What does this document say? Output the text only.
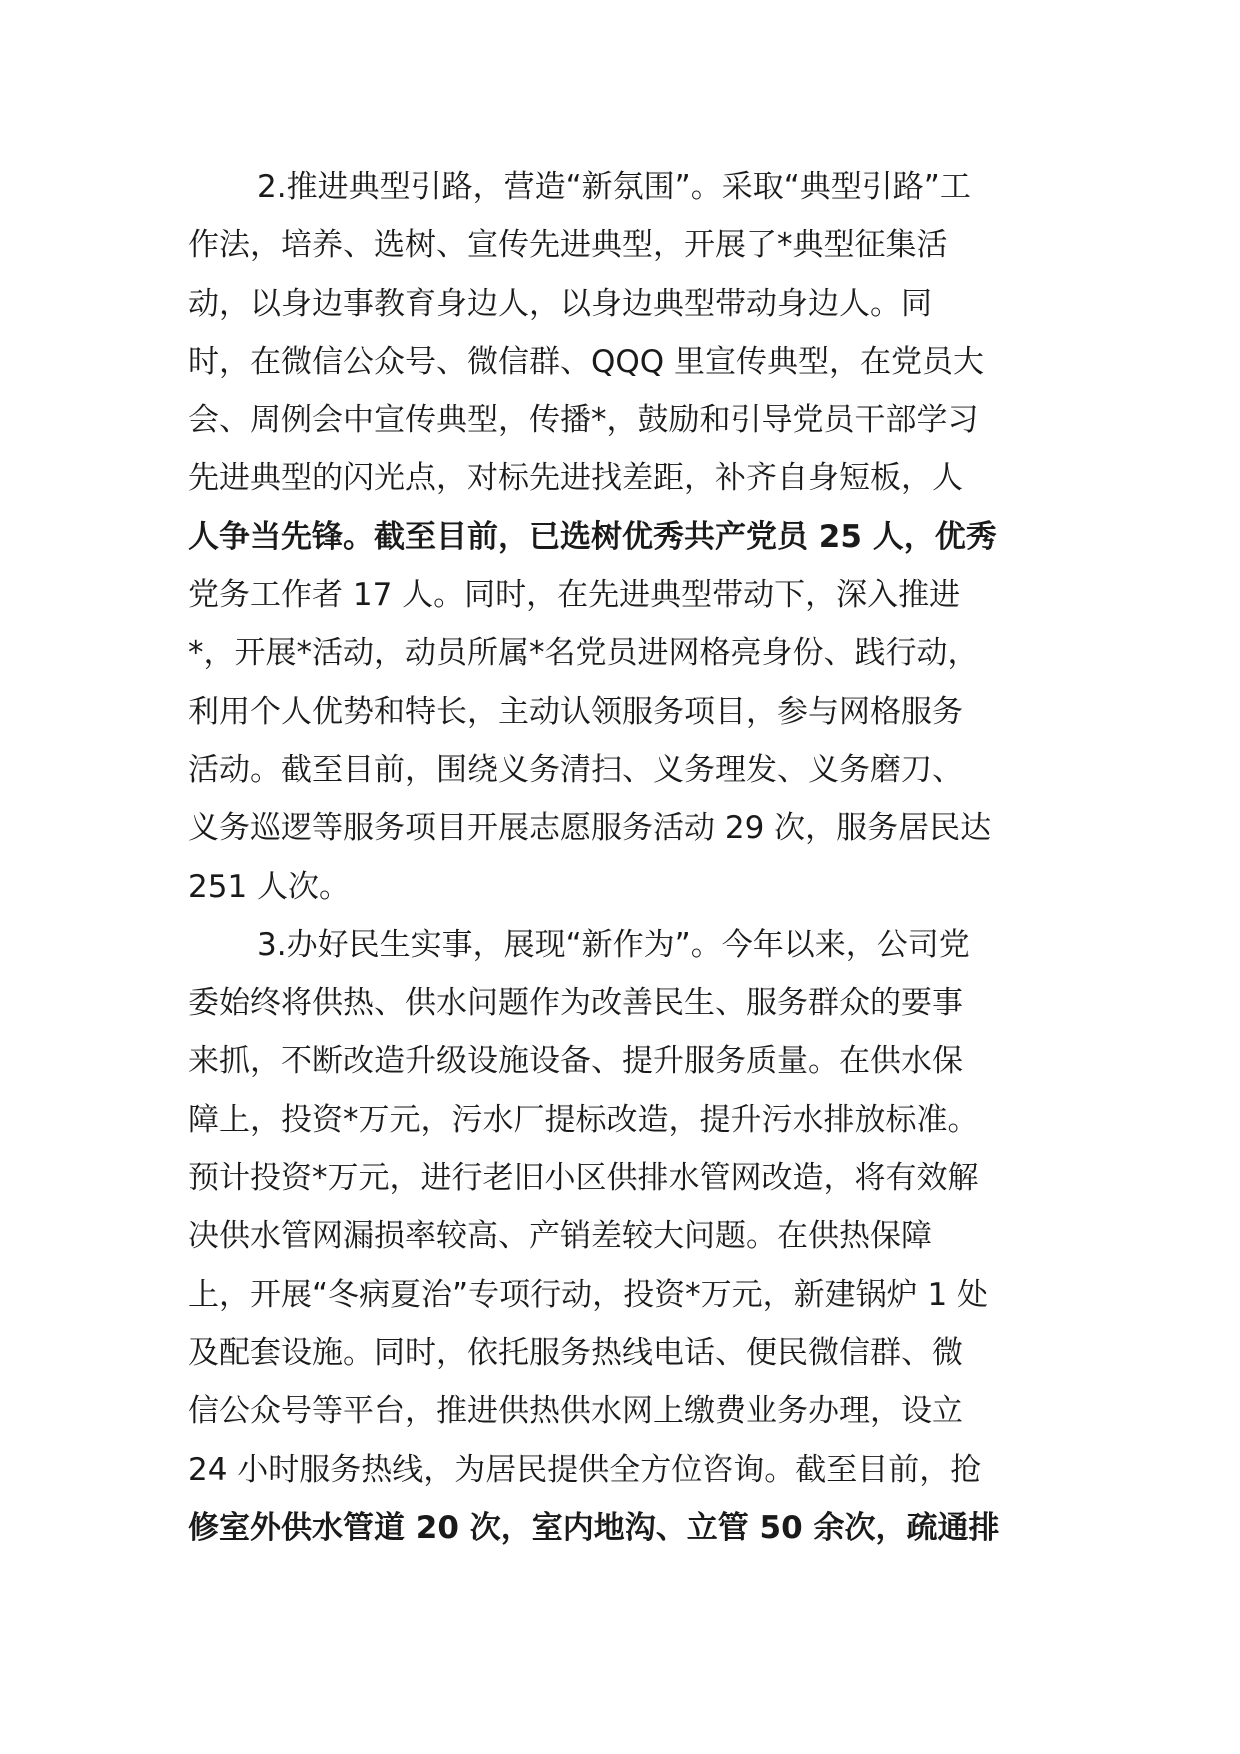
2.推进典型引路，营造“新氛围”。采取“典型引路”工
作法，培养、选树、宣传先进典型，开展了*典型征集活
动，以身边事教育身边人，以身边典型带动身边人。同
时，在微信公众号、微信群、QQQ 里宣传典型，在党员大
会、周例会中宣传典型，传播*，鼓励和引导党员干部学习
先进典型的闪光点，对标先进找差距，补齐自身短板，人
人争当先锋。截至目前，已选树优秀共产党员 25 人，优秀
党务工作者 17 人。同时，在先进典型带动下，深入推进
*，开展*活动，动员所属*名党员进网格亮身份、践行动，
利用个人优势和特长，主动认领服务项目，参与网格服务
活动。截至目前，围绕义务清扫、义务理发、义务磨刀、
义务巡逻等服务项目开展志愿服务活动 29 次，服务居民达
251 人次。
3.办好民生实事，展现“新作为”。今年以来，公司党
委始终将供热、供水问题作为改善民生、服务群众的要事
来抓，不断改造升级设施设备、提升服务质量。在供水保
障上，投资*万元，污水厂提标改造，提升污水排放标准。
预计投资*万元，进行老旧小区供排水管网改造，将有效解
决供水管网漏损率较高、产销差较大问题。在供热保障
上，开展“冬病夏治”专项行动，投资*万元，新建锅炉 1 处
及配套设施。同时，依托服务热线电话、便民微信群、微
信公众号等平台，推进供热供水网上缴费业务办理，设立
24 小时服务热线，为居民提供全方位咨询。截至目前，抢
修室外供水管道 20 次，室内地沟、立管 50 余次，疏通排
